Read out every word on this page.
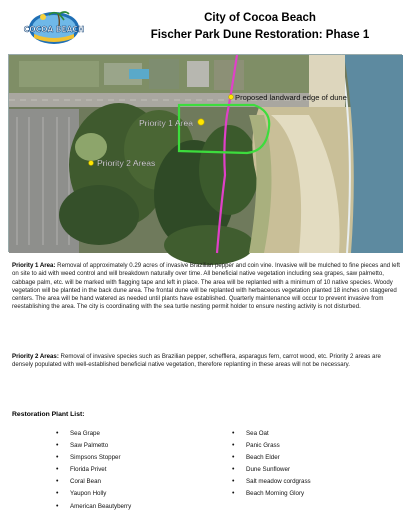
COCOA BEACH
City of Cocoa Beach
Fischer Park Dune Restoration: Phase 1
Priority 1 Area
Priority 2 Areas
Proposed landward edge of dune

Priority 1 Area: Removal of approximately 0.29 acres of invasive Brazilian pepper and coin vine. Invasive will be mulched to fine pieces and left on site to aid with weed control and will breakdown naturally over time. All beneficial native vegetation including sea grapes, saw palmetto, cabbage palm, etc. will be marked with flagging tape and left in place. The area will be replanted with a minimum of 10 native species. Woody vegetation will be planted in the back dune area. The frontal dune will be replanted with herbaceous vegetation planted 18 inches on staggered centers. The area will be hand watered as needed until plants have established. Quarterly maintenance will occur to prevent invasive from reestablishing the area. The city is coordinating with the sea turtle nesting permit holder to ensure nesting activity is not disturbed.

Priority 2 Areas: Removal of invasive species such as Brazilian pepper, schefflera, asparagus fern, carrot wood, etc. Priority 2 areas are densely populated with well-established beneficial native vegetation, therefore replanting in these areas will not be necessary.

Restoration Plant List:
• Sea Grape
• Saw Palmetto
• Simpsons Stopper
• Florida Privet
• Coral Bean
• Yaupon Holly
• American Beautyberry
• Sea Oat
• Panic Grass
• Beach Elder
• Dune Sunflower
• Salt meadow cordgrass
• Beach Morning Glory
